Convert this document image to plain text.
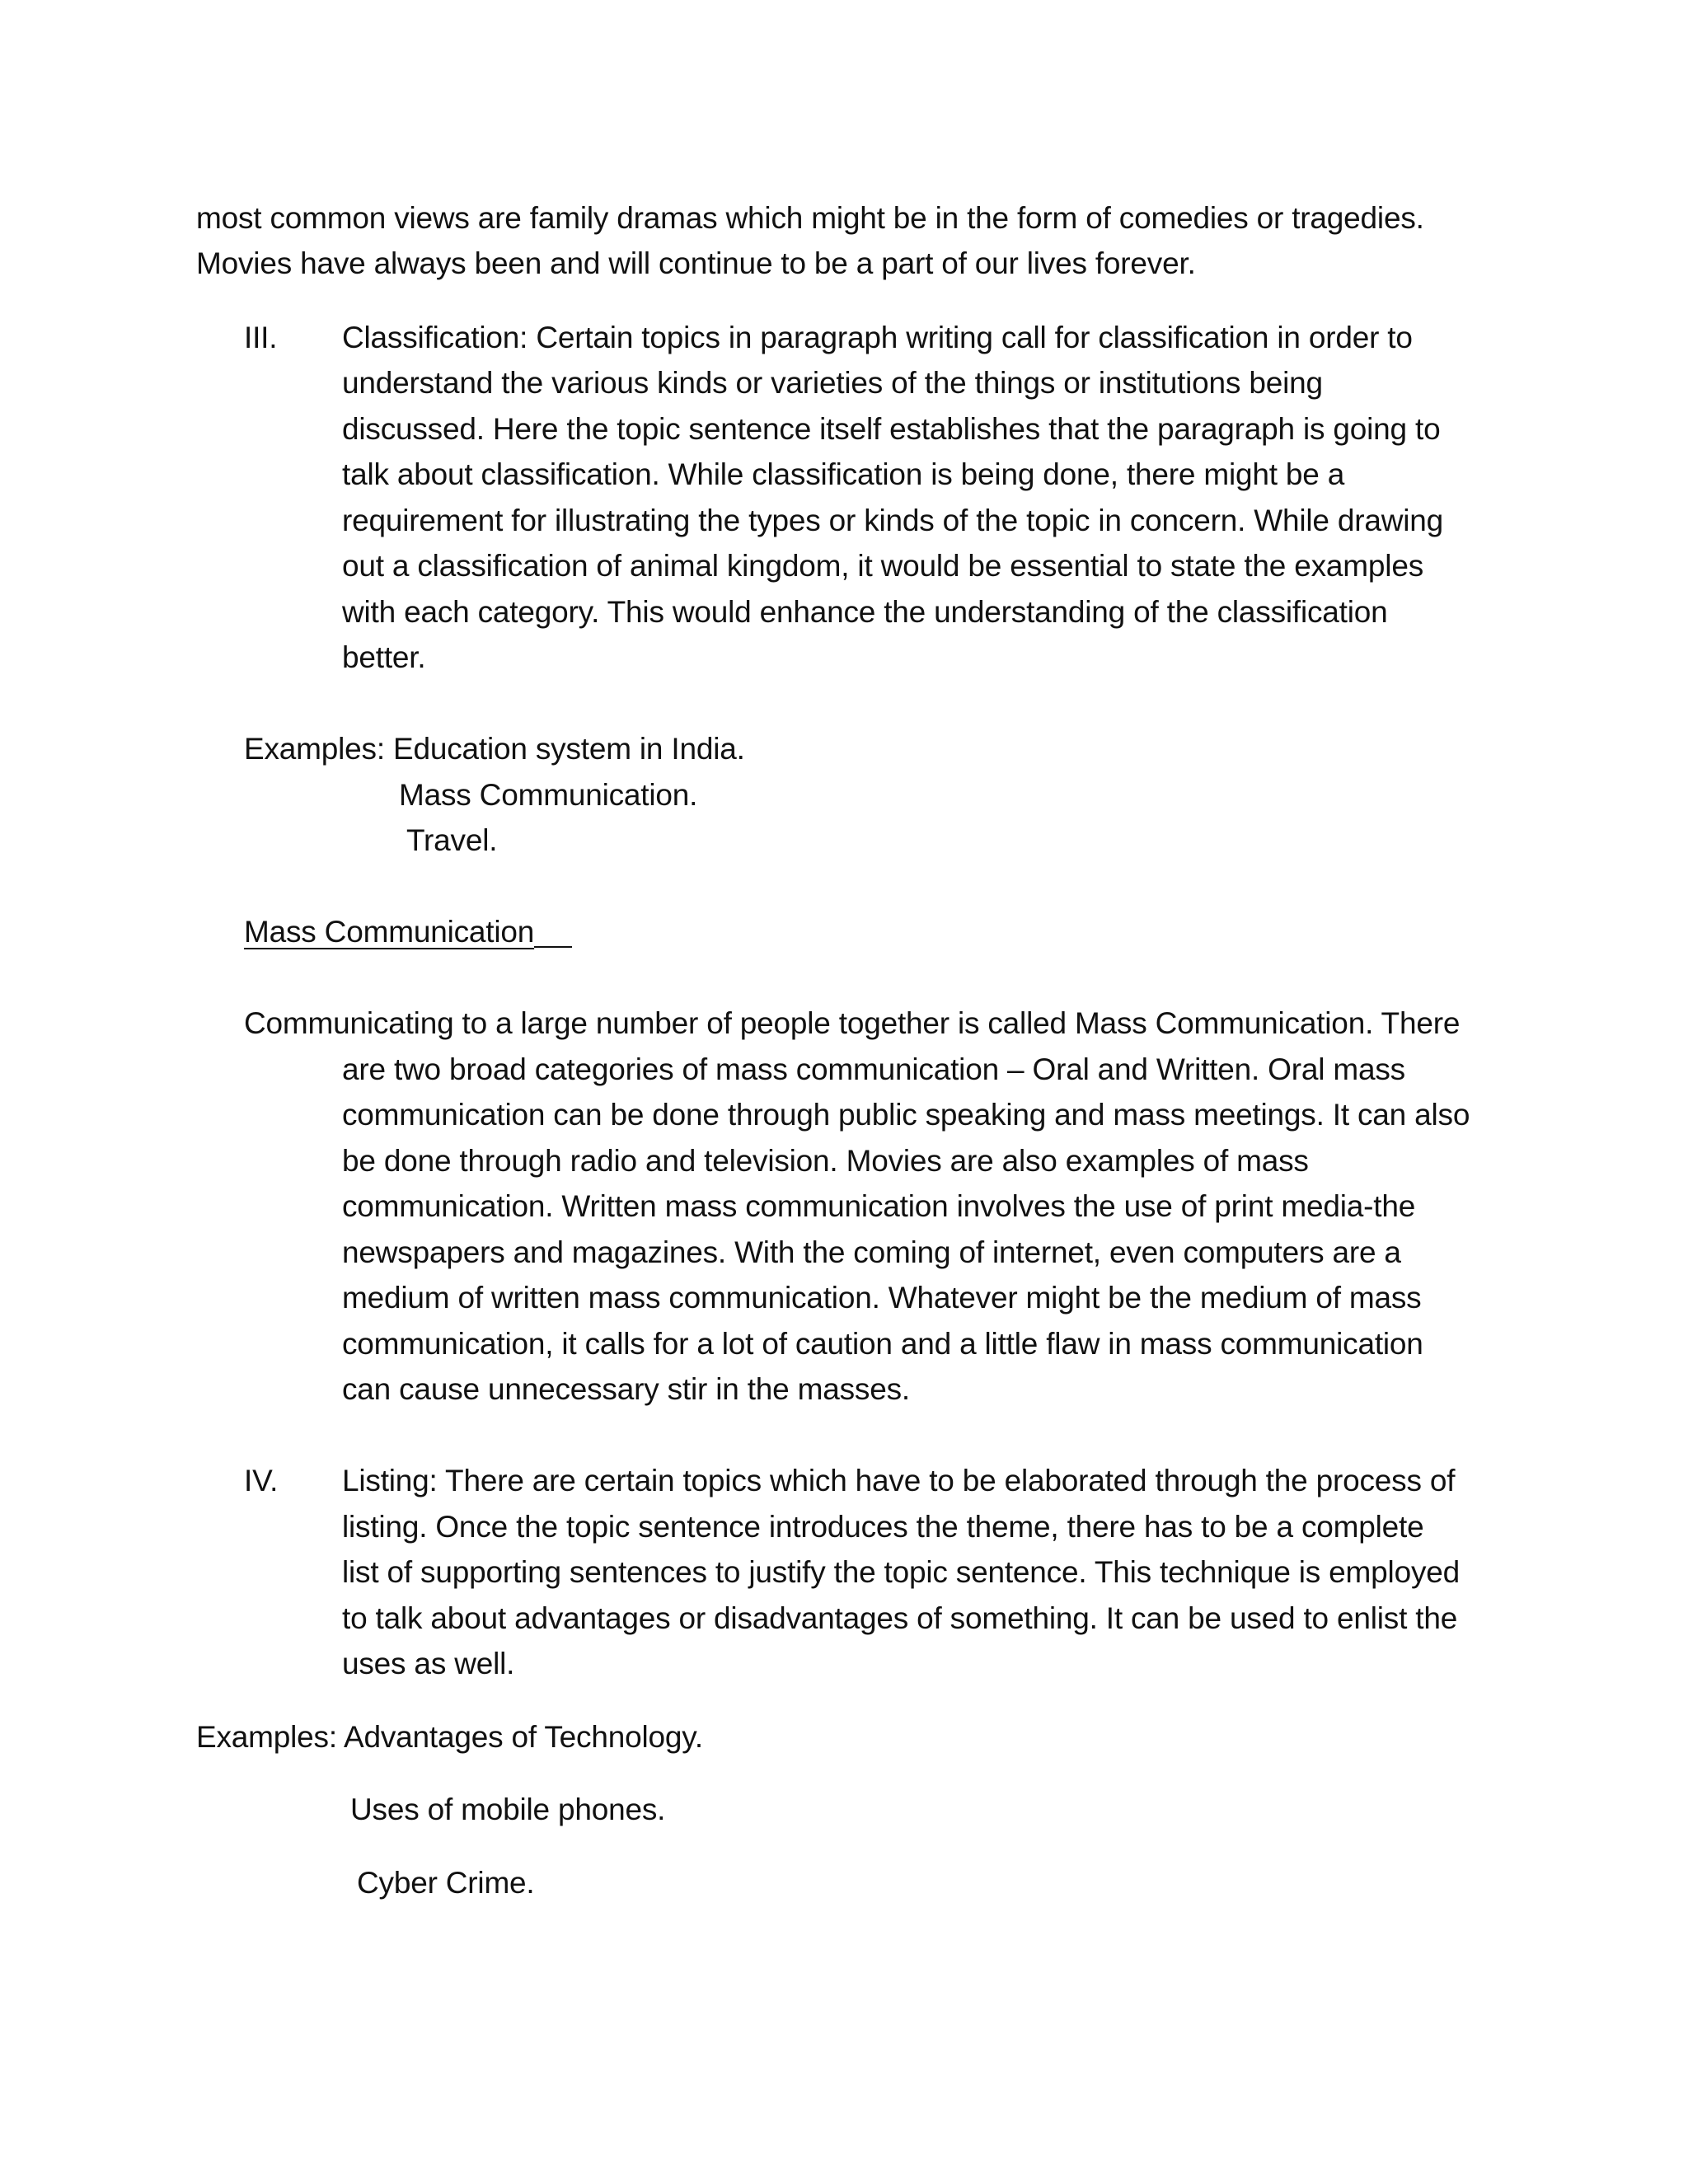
most common views are family dramas which might be in the form of comedies or tragedies.
Movies have always been and will continue to be a part of our lives forever.
III. Classification: Certain topics in paragraph writing call for classification in order to
understand the various kinds or varieties of the things or institutions being
discussed. Here the topic sentence itself establishes that the paragraph is going to
talk about classification. While classification is being done, there might be a
requirement for illustrating the types or kinds of the topic in concern. While drawing
out a classification of animal kingdom, it would be essential to state the examples
with each category. This would enhance the understanding of the classification
better.
Examples: Education system in India.
Mass Communication.
Travel.
Mass Communication
Communicating to a large number of people together is called Mass Communication. There
are two broad categories of mass communication – Oral and Written. Oral mass
communication can be done through public speaking and mass meetings. It can also
be done through radio and television. Movies are also examples of mass
communication. Written mass communication involves the use of print media-the
newspapers and magazines. With the coming of internet, even computers are a
medium of written mass communication. Whatever might be the medium of mass
communication, it calls for a lot of caution and a little flaw in mass communication
can cause unnecessary stir in the masses.
IV. Listing: There are certain topics which have to be elaborated through the process of
listing. Once the topic sentence introduces the theme, there has to be a complete
list of supporting sentences to justify the topic sentence. This technique is employed
to talk about advantages or disadvantages of something. It can be used to enlist the
uses as well.
Examples: Advantages of Technology.
Uses of mobile phones.
Cyber Crime.
